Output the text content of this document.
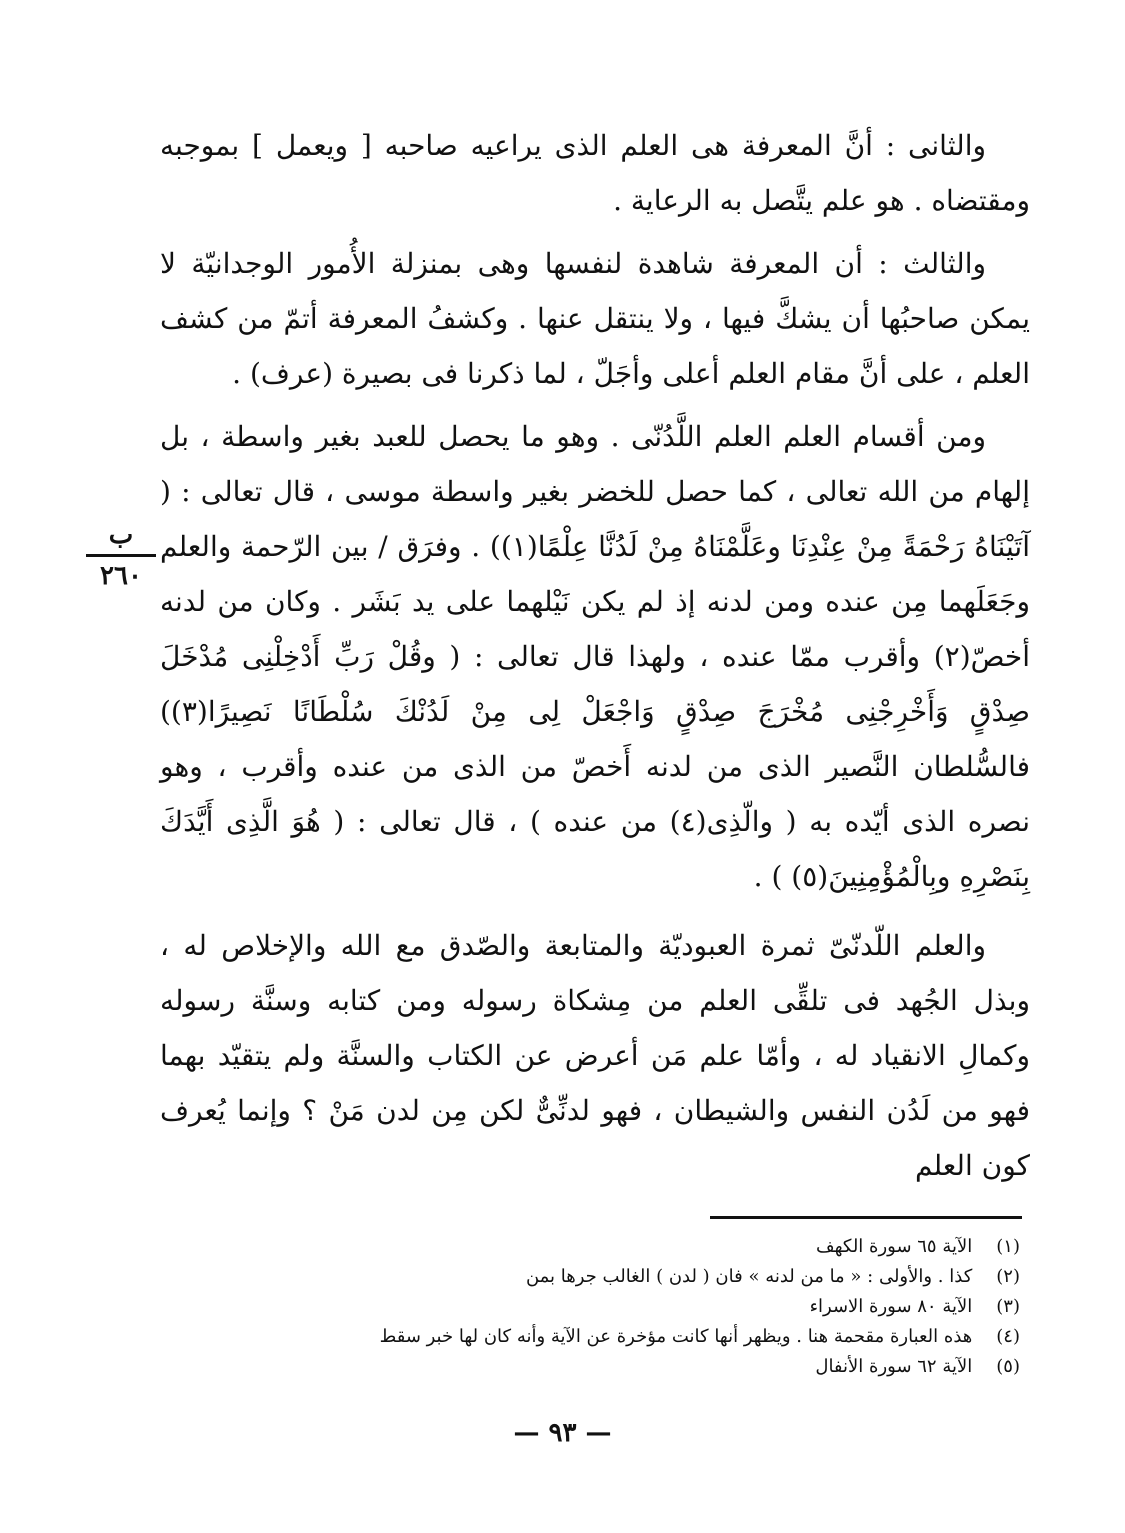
والثانى : أنَّ المعرفة هى العلم الذى يراعيه صاحبه [ ويعمل ] بموجبه ومقتضاه . هو علم يتَّصل به الرعاية .

والثالث : أن المعرفة شاهدة لنفسها وهى بمنزلة الأُمور الوجدانيّة لا يمكن صاحبُها أن يشكَّ فيها ، ولا ينتقل عنها . وكشفُ المعرفة أتمّ من كشف العلم ، على أنَّ مقام العلم أعلى وأجَلّ ، لما ذكرنا فى بصيرة (عرف) .

ومن أقسام العلم العلم اللَّدُنّى . وهو ما يحصل للعبد بغير واسطة ، بل إلهام من الله تعالى ، كما حصل للخضر بغير واسطة موسى ، قال تعالى : ( آتَيْنَاهُ رَحْمَةً مِنْ عِنْدِنَا وعَلَّمْنَاهُ مِنْ لَدُنَّا عِلْمًا(١)) . وفرَق / بين الرّحمة والعلم وجَعَلَهما مِن عنده ومن لدنه إذ لم يكن نَيْلهما على يد بَشَر . وكان من لدنه أخصّ(٢) وأقرب ممّا عنده ، ولهذا قال تعالى : ( وقُلْ رَبِّ أَدْخِلْنِى مُدْخَلَ صِدْقٍ وَأَخْرِجْنِى مُخْرَجَ صِدْقٍ وَاجْعَلْ لِى مِنْ لَدُنْكَ سُلْطَانًا نَصِيرًا(٣)) فالسُّلطان النَّصير الذى من لدنه أَخصّ من الذى من عنده وأقرب ، وهو نصره الذى أيّده به ( والّذِى(٤) من عنده ) ، قال تعالى : ( هُوَ الَّذِى أَيَّدَكَ بِنَصْرِهِ وبِالْمُؤْمِنِينَ(٥) ) .

والعلم اللّدنّىّ ثمرة العبوديّة والمتابعة والصّدق مع الله والإخلاص له ، وبذل الجُهد فى تلقِّى العلم من مِشكاة رسوله ومن كتابه وسنَّة رسوله وكمالِ الانقياد له ، وأمّا علم مَن أعرض عن الكتاب والسنَّة ولم يتقيّد بهما فهو من لَدُن النفس والشيطان ، فهو لدنِّىٌّ لكن مِن لدن مَنْ ؟ وإنما يُعرف كون العلم

ب
٢٦٠
(١) الآية ٦٥ سورة الكهف
(٢) كذا . والأولى : « ما من لدنه » فان ( لدن ) الغالب جرها بمن
(٣) الآية ٨٠ سورة الاسراء
(٤) هذه العبارة مقحمة هنا . ويظهر أنها كانت مؤخرة عن الآية وأنه كان لها خبر سقط
(٥) الآية ٦٢ سورة الأنفال
— ٩٣ —
